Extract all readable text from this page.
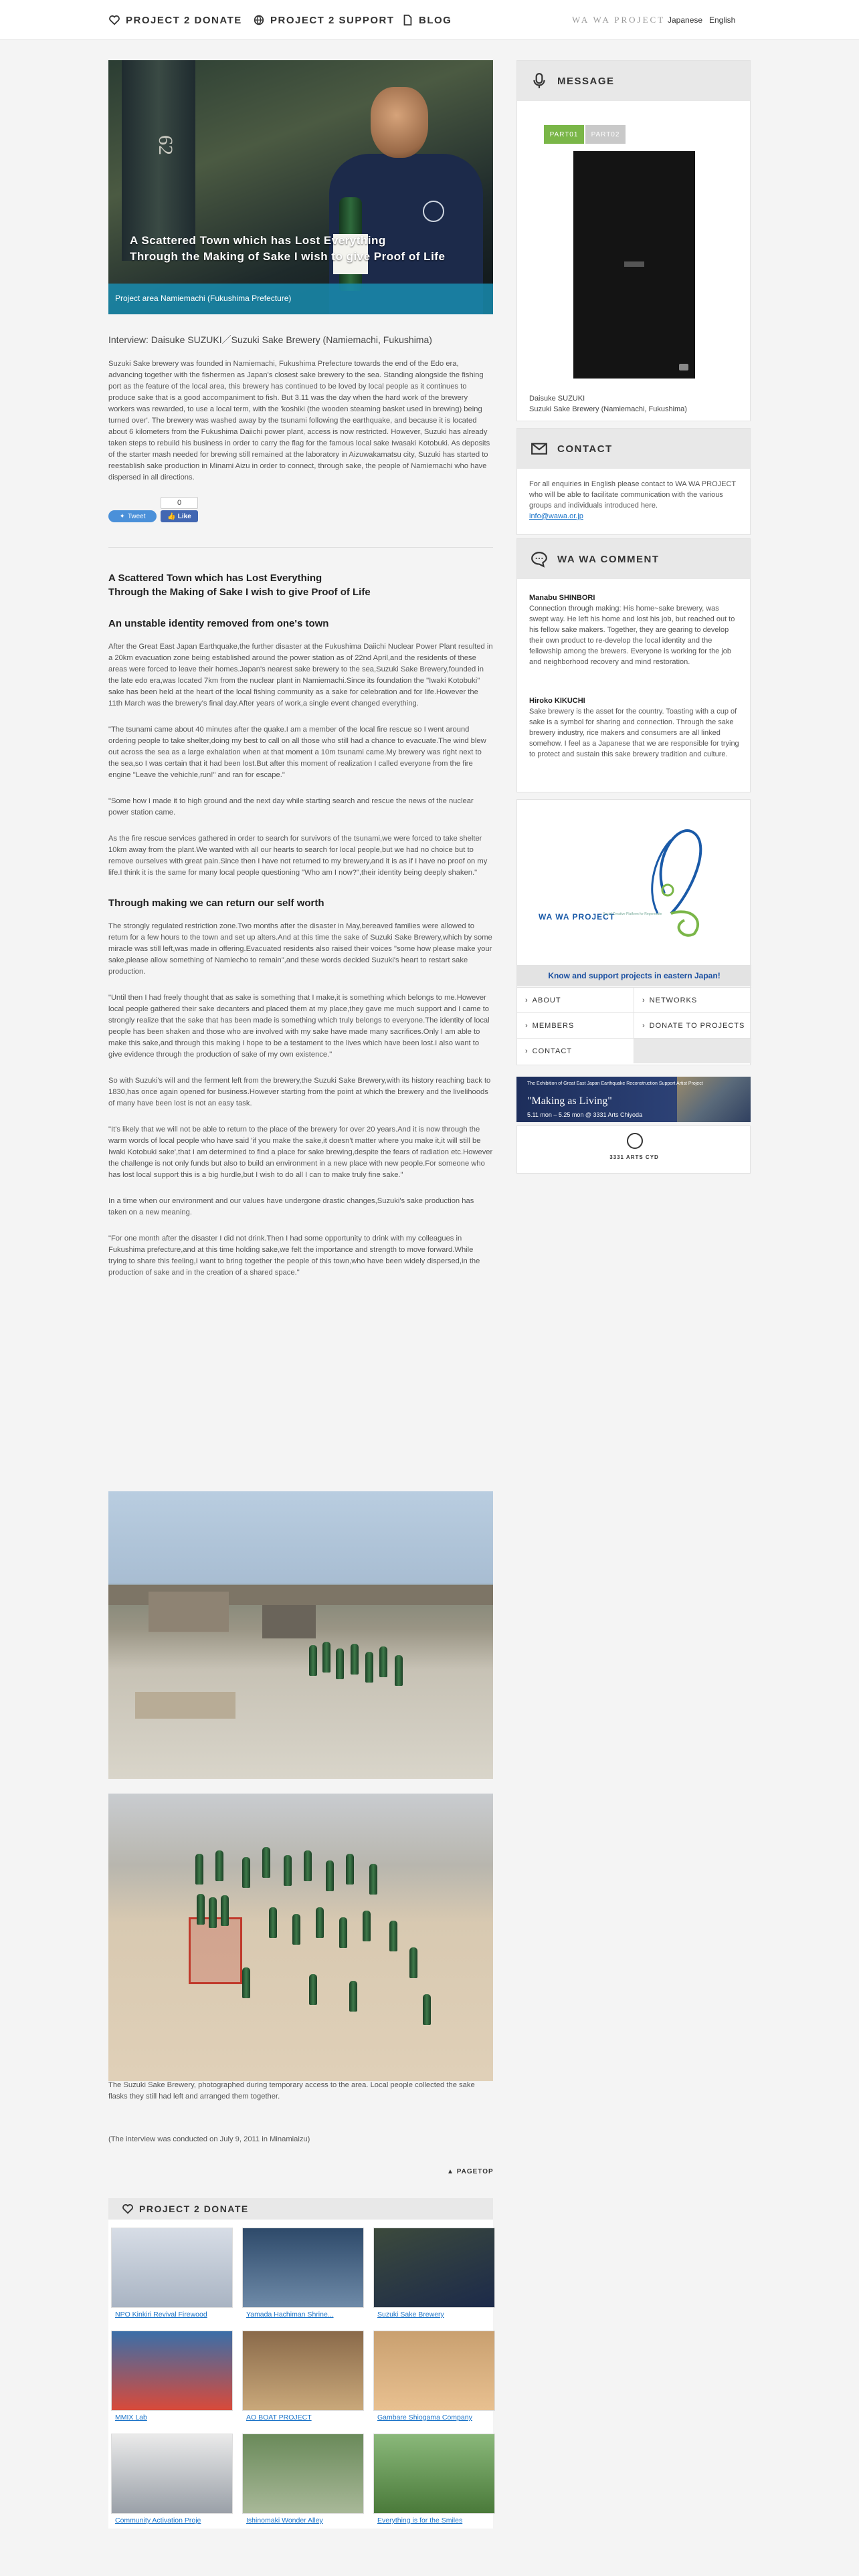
PROJECT 2 DONATE	PROJECT 2 SUPPORT BLOG	WA WA PROJECT Japanese English
62
A Scattered Town which has Lost Everything
Through the Making of Sake I wish to give Proof of Life
Project area Namiemachi (Fukushima Prefecture)
Interview: Daisuke SUZUKI／Suzuki Sake Brewery (Namiemachi, Fukushima)
Suzuki Sake brewery was founded in Namiemachi, Fukushima Prefecture towards the end of the Edo era, advancing together with the fishermen as Japan's closest sake brewery to the sea. Standing alongside the fishing port as the feature of the local area, this brewery has continued to be loved by local people as it continues to produce sake that is a good accompaniment to fish. But 3.11 was the day when the hard work of the brewery workers was rewarded, to use a local term, with the 'koshiki (the wooden steaming basket used in brewing) being turned over'. The brewery was washed away by the tsunami following the earthquake, and because it is located about 6 kilometers from the Fukushima Daiichi power plant, access is now restricted. However, Suzuki has already taken steps to rebuild his business in order to carry the flag for the famous local sake Iwasaki Kotobuki. As deposits of the starter mash needed for brewing still remained at the laboratory in Aizuwakamatsu city, Suzuki has started to reestablish sake production in Minami Aizu in order to connect, through sake, the people of Namiemachi who have dispersed in all directions.
✦ Tweet
0
👍 Like
A Scattered Town which has Lost Everything
Through the Making of Sake I wish to give Proof of Life
An unstable identity removed from one's town
After the Great East Japan Earthquake,the further disaster at the Fukushima Daiichi Nuclear Power Plant resulted in a 20km evacuation zone being established around the power station as of 22nd April,and the residents of these areas were forced to leave their homes.Japan's nearest sake brewery to the sea,Suzuki Sake Brewery,founded in the late edo era,was located 7km from the nuclear plant in Namiemachi.Since its foundation the "Iwaki Kotobuki" sake has been held at the heart of the local fishing community as a sake for celebration and for life.However the 11th March was the brewery's final day.After years of work,a single event changed everything.
"The tsunami came about 40 minutes after the quake.I am a member of the local fire rescue so I went around ordering people to take shelter,doing my best to call on all those who still had a chance to evacuate.The wind blew out across the sea as a large exhalation when at that moment a 10m tsunami came.My brewery was right next to the sea,so I was certain that it had been lost.But after this moment of realization I called everyone from the fire engine "Leave the vehichle,run!" and ran for escape."
"Some how I made it to high ground and the next day while starting search and rescue the news of the nuclear power station came.
As the fire rescue services gathered in order to search for survivors of the tsunami,we were forced to take shelter 10km away from the plant.We wanted with all our hearts to search for local people,but we had no choice but to remove ourselves with great pain.Since then I have not returned to my brewery,and it is as if I have no proof on my life.I think it is the same for many local people questioning "Who am I now?",their identity being deeply shaken."
Through making we can return our self worth
The strongly regulated restriction zone.Two months after the disaster in May,bereaved families were allowed to return for a few hours to the town and set up alters.And at this time the sake of Suzuki Sake Brewery,which by some miracle was still left,was made in offering.Evacuated residents also raised their voices "some how please make your sake,please allow something of Namiecho to remain",and these words decided Suzuki's heart to restart sake production.
"Until then I had freely thought that as sake is something that I make,it is something which belongs to me.However local people gathered their sake decanters and placed them at my place,they gave me much support and I came to strongly realize that the sake that has been made is something which truly belongs to everyone.The identity of local people has been shaken and those who are involved with my sake have made many sacrifices.Only I am able to make this sake,and through this making I hope to be a testament to the lives which have been lost.I also want to give evidence through the production of sake of my own existence."
So with Suzuki's will and the ferment left from the brewery,the Suzuki Sake Brewery,with its history reaching back to 1830,has once again opened for business.However starting from the point at which the brewery and the livelihoods of many have been lost is not an easy task.
"It's likely that we will not be able to return to the place of the brewery for over 20 years.And it is now through the warm words of local people who have said 'if you make the sake,it doesn't matter where you make it,it will still be Iwaki Kotobuki sake',that I am determined to find a place for sake brewing,despite the fears of radiation etc.However the challenge is not only funds but also to build an environment in a new place with new people.For someone who has lost local support this is a big hurdle,but I wish to do all I can to make truly fine sake."
In a time when our environment and our values have undergone drastic changes,Suzuki's sake production has taken on a new meaning.
"For one month after the disaster I did not drink.Then I had some opportunity to drink with my colleagues in Fukushima prefecture,and at this time holding sake,we felt the importance and strength to move forward.While trying to share this feeling,I want to bring together the people of this town,who have been widely dispersed,in the production of sake and in the creation of a shared space."
The Suzuki Sake Brewery, photographed during temporary access to the area. Local people collected the sake flasks they still had left and arranged them together.
(The interview was conducted on July 9, 2011 in Minamiaizu)
▲ PAGETOP
PROJECT 2 DONATE
NPO Kinkiri Revival Firewood	Yamada Hachiman Shrine...	Suzuki Sake Brewery
MMIX Lab	AO BOAT PROJECT	Gambare Shiogama Company
Community Activation Proje	Ishinomaki Wonder Alley	Everything is for the Smiles
MESSAGE
PART01	PART02
Daisuke SUZUKI
Suzuki Sake Brewery (Namiemachi, Fukushima)
CONTACT
For all enquiries in English please contact to WA WA PROJECT who will be able to facilitate communication with the various groups and individuals introduced here.
info@wawa.or.jp
WA WA COMMENT
Manabu SHINBORI
Connection through making: His home~sake brewery, was swept way. He left his home and lost his job, but reached out to his fellow sake makers. Together, they are gearing to develop their own product to re-develop the local identity and the fellowship among the brewers. Everyone is working for the job and neighborhood recovery and mind restoration.
Hiroko KIKUCHI
Sake brewery is the asset for the country. Toasting with a cup of sake is a symbol for sharing and connection. Through the sake brewery industry, rice makers and consumers are all linked somehow. I feel as a Japanese that we are responsible for trying to protect and sustain this sake brewery tradition and culture.
WA WA PROJECT
Social Creative Platform for Regenerate
Know and support projects in eastern Japan!
› ABOUT	› NETWORKS
› MEMBERS	› DONATE TO PROJECTS
› CONTACT
The Exhibition of Great East Japan Earthquake Reconstruction Support Artist Project
"Making as Living"
5.11 mon – 5.25 mon @ 3331 Arts Chiyoda
3331 ARTS CYD
